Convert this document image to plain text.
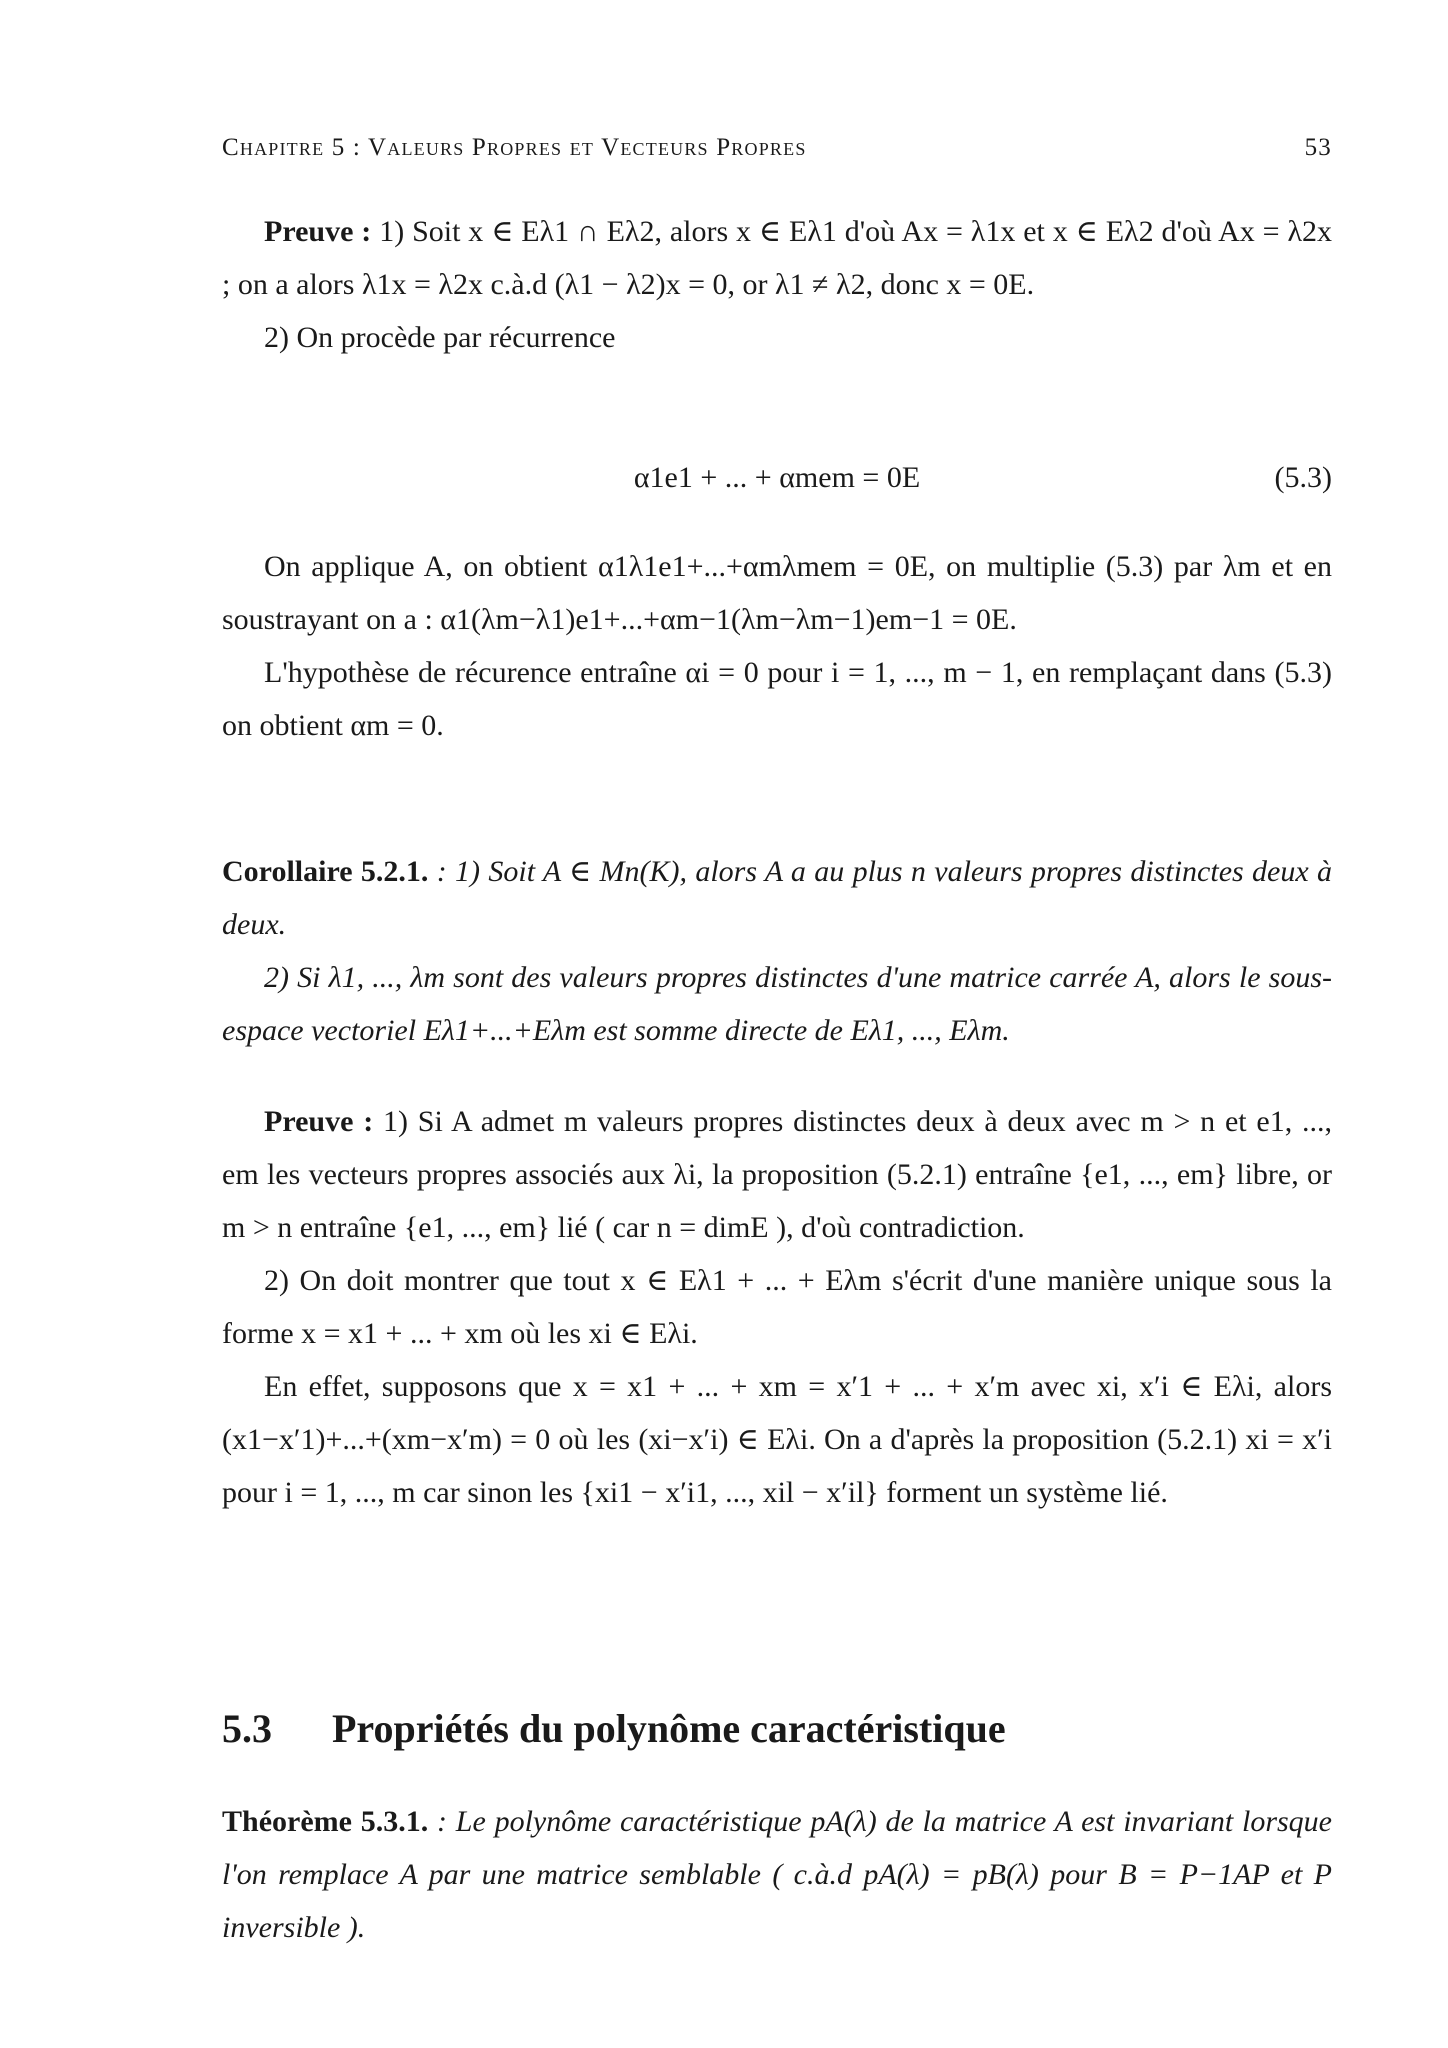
Chapitre 5 : Valeurs Propres et Vecteurs Propres	53
Preuve : 1) Soit x ∈ Eλ1 ∩ Eλ2, alors x ∈ Eλ1 d'où Ax = λ1x et x ∈ Eλ2 d'où Ax = λ2x ; on a alors λ1x = λ2x c.à.d (λ1 − λ2)x = 0, or λ1 ≠ λ2, donc x = 0E.
2) On procède par récurrence
α1e1 + ... + αmem = 0E	(5.3)
On applique A, on obtient α1λ1e1+...+αmλmem = 0E, on multiplie (5.3) par λm et en soustrayant on a : α1(λm−λ1)e1+...+αm−1(λm−λm−1)em−1 = 0E.
L'hypothèse de récurence entraîne αi = 0 pour i = 1, ..., m − 1, en remplaçant dans (5.3) on obtient αm = 0.
Corollaire 5.2.1. : 1) Soit A ∈ Mn(K), alors A a au plus n valeurs propres distinctes deux à deux.
2) Si λ1, ..., λm sont des valeurs propres distinctes d'une matrice carrée A, alors le sous-espace vectoriel Eλ1+...+Eλm est somme directe de Eλ1, ..., Eλm.
Preuve : 1) Si A admet m valeurs propres distinctes deux à deux avec m > n et e1, ..., em les vecteurs propres associés aux λi, la proposition (5.2.1) entraîne {e1, ..., em} libre, or m > n entraîne {e1, ..., em} lié ( car n = dimE ), d'où contradiction.
2) On doit montrer que tout x ∈ Eλ1 + ... + Eλm s'écrit d'une manière unique sous la forme x = x1 + ... + xm où les xi ∈ Eλi.
En effet, supposons que x = x1 + ... + xm = x′1 + ... + x′m avec xi, x′i ∈ Eλi, alors (x1−x′1)+...+(xm−x′m) = 0 où les (xi−x′i) ∈ Eλi. On a d'après la proposition (5.2.1) xi = x′i pour i = 1, ..., m car sinon les {xi1 − x′i1, ..., xil − x′il} forment un système lié.
5.3 Propriétés du polynôme caractéristique
Théorème 5.3.1. : Le polynôme caractéristique pA(λ) de la matrice A est invariant lorsque l'on remplace A par une matrice semblable ( c.à.d pA(λ) = pB(λ) pour B = P−1AP et P inversible ).
